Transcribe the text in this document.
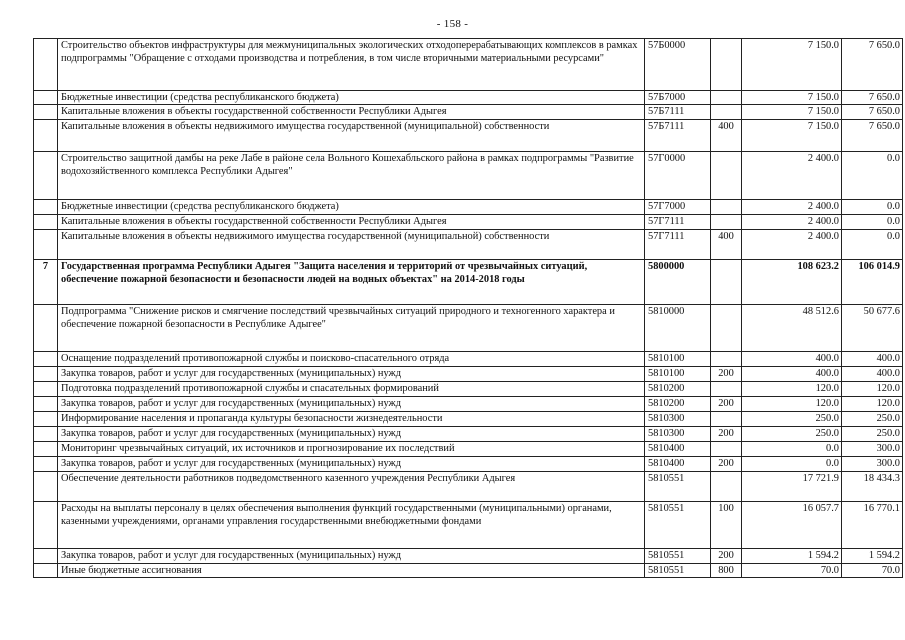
- 158 -
	Строительство объектов инфраструктуры для межмуниципальных экологических отходоперерабатывающих комплексов в рамках подпрограммы "Обращение с отходами производства и потребления, в том числе вторичными материальными ресурсами"	57Б0000		7 150.0	7 650.0
	Бюджетные инвестиции (средства республиканского бюджета)	57Б7000		7 150.0	7 650.0
	Капитальные вложения в объекты государственной собственности Республики Адыгея	57Б7111		7 150.0	7 650.0
	Капитальные вложения в объекты недвижимого имущества государственной (муниципальной) собственности	57Б7111	400	7 150.0	7 650.0
	Строительство защитной дамбы на реке Лабе в районе села Вольного Кошехабльского района в рамках подпрограммы "Развитие водохозяйственного комплекса Республики Адыгея"	57Г0000		2 400.0	0.0
	Бюджетные инвестиции (средства республиканского бюджета)	57Г7000		2 400.0	0.0
	Капитальные вложения в объекты государственной собственности Республики Адыгея	57Г7111		2 400.0	0.0
	Капитальные вложения в объекты недвижимого имущества государственной (муниципальной) собственности	57Г7111	400	2 400.0	0.0
7	Государственная программа Республики Адыгея "Защита населения и территорий от чрезвычайных ситуаций, обеспечение пожарной безопасности и безопасности людей на водных объектах" на 2014-2018 годы	5800000		108 623.2	106 014.9
	Подпрограмма "Снижение рисков и смягчение последствий чрезвычайных ситуаций природного и техногенного характера и обеспечение пожарной безопасности в Республике Адыгее"	5810000		48 512.6	50 677.6
	Оснащение подразделений противопожарной службы и поисково-спасательного отряда	5810100		400.0	400.0
	Закупка товаров, работ и услуг для государственных (муниципальных) нужд	5810100	200	400.0	400.0
	Подготовка подразделений противопожарной службы и спасательных формирований	5810200		120.0	120.0
	Закупка товаров, работ и услуг для государственных (муниципальных) нужд	5810200	200	120.0	120.0
	Информирование населения и пропаганда культуры безопасности жизнедеятельности	5810300		250.0	250.0
	Закупка товаров, работ и услуг для государственных (муниципальных) нужд	5810300	200	250.0	250.0
	Мониторинг чрезвычайных ситуаций, их источников и прогнозирование их последствий	5810400		0.0	300.0
	Закупка товаров, работ и услуг для государственных (муниципальных) нужд	5810400	200	0.0	300.0
	Обеспечение деятельности работников подведомственного казенного учреждения Республики Адыгея	5810551		17 721.9	18 434.3
	Расходы на выплаты персоналу в целях обеспечения выполнения функций государственными (муниципальными) органами, казенными учреждениями, органами управления государственными внебюджетными фондами	5810551	100	16 057.7	16 770.1
	Закупка товаров, работ и услуг для государственных (муниципальных) нужд	5810551	200	1 594.2	1 594.2
	Иные бюджетные ассигнования	5810551	800	70.0	70.0
